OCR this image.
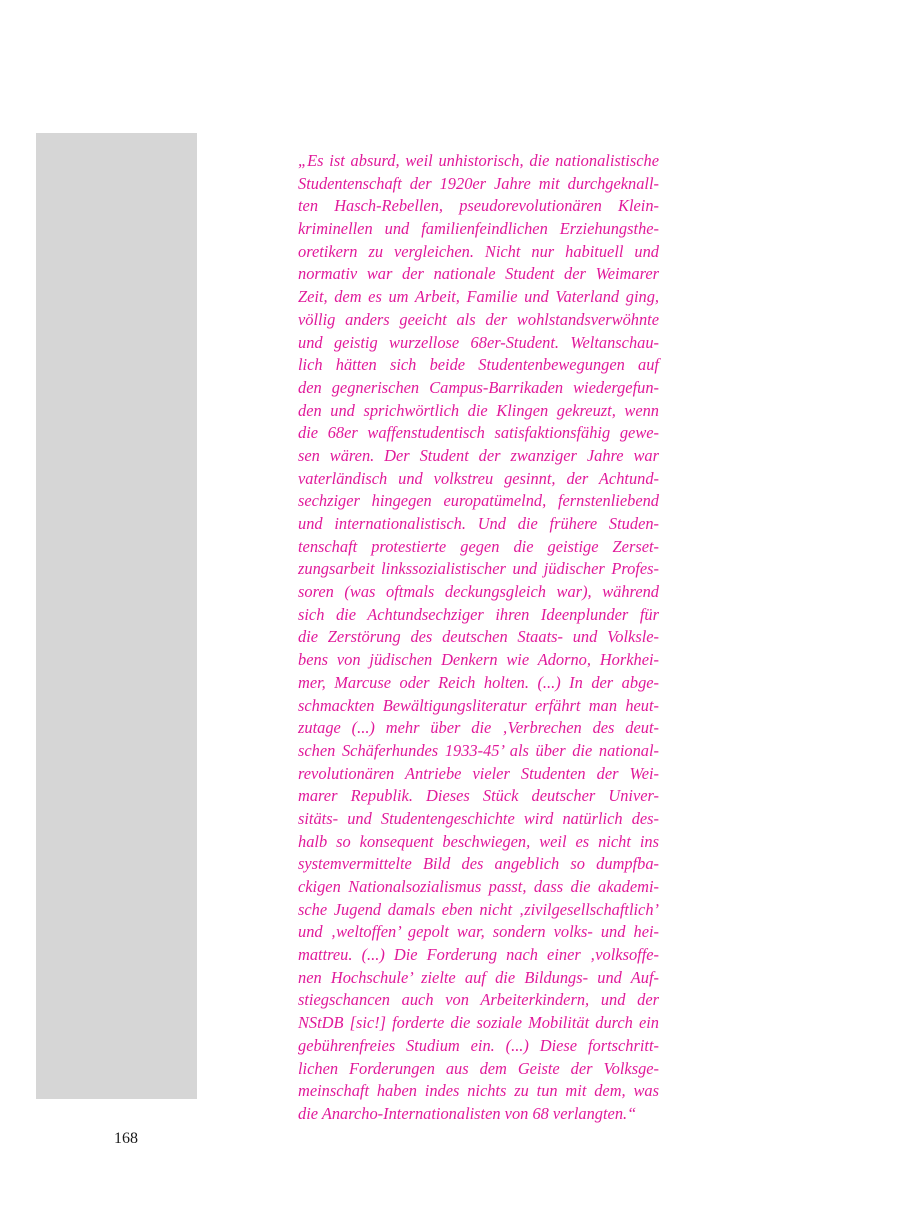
„Es ist absurd, weil unhistorisch, die nationalistische
Studentenschaft der 1920er Jahre mit durchgeknall-
ten Hasch-Rebellen, pseudorevolutionären Klein-
kriminellen und familienfeindlichen Erziehungsthe-
oretikern zu vergleichen. Nicht nur habituell und
normativ war der nationale Student der Weimarer
Zeit, dem es um Arbeit, Familie und Vaterland ging,
völlig anders geeicht als der wohlstandsverwöhnte
und geistig wurzellose 68er-Student. Weltanschau-
lich hätten sich beide Studentenbewegungen auf
den gegnerischen Campus-Barrikaden wiedergefun-
den und sprichwörtlich die Klingen gekreuzt, wenn
die 68er waffenstudentisch satisfaktionsfähig gewe-
sen wären. Der Student der zwanziger Jahre war
vaterländisch und volkstreu gesinnt, der Achtund-
sechziger hingegen europatümelnd, fernstenliebend
und internationalistisch. Und die frühere Studen-
tenschaft protestierte gegen die geistige Zerset-
zungsarbeit linkssozialistischer und jüdischer Profes-
soren (was oftmals deckungsgleich war), während
sich die Achtundsechziger ihren Ideenplunder für
die Zerstörung des deutschen Staats- und Volksle-
bens von jüdischen Denkern wie Adorno, Horkhei-
mer, Marcuse oder Reich holten. (...) In der abge-
schmackten Bewältigungsliteratur erfährt man heut-
zutage (...) mehr über die ‚Verbrechen des deut-
schen Schäferhundes 1933-45’ als über die national-
revolutionären Antriebe vieler Studenten der Wei-
marer Republik. Dieses Stück deutscher Univer-
sitäts- und Studentengeschichte wird natürlich des-
halb so konsequent beschwiegen, weil es nicht ins
systemvermittelte Bild des angeblich so dumpfba-
ckigen Nationalsozialismus passt, dass die akademi-
sche Jugend damals eben nicht ‚zivilgesellschaftlich’
und ‚weltoffen’ gepolt war, sondern volks- und hei-
mattreu. (...) Die Forderung nach einer ‚volksoffe-
nen Hochschule’ zielte auf die Bildungs- und Auf-
stiegschancen auch von Arbeiterkindern, und der
NStDB [sic!] forderte die soziale Mobilität durch ein
gebührenfreies Studium ein. (...) Diese fortschritt-
lichen Forderungen aus dem Geiste der Volksge-
meinschaft haben indes nichts zu tun mit dem, was
die Anarcho-Internationalisten von 68 verlangten.“
168
